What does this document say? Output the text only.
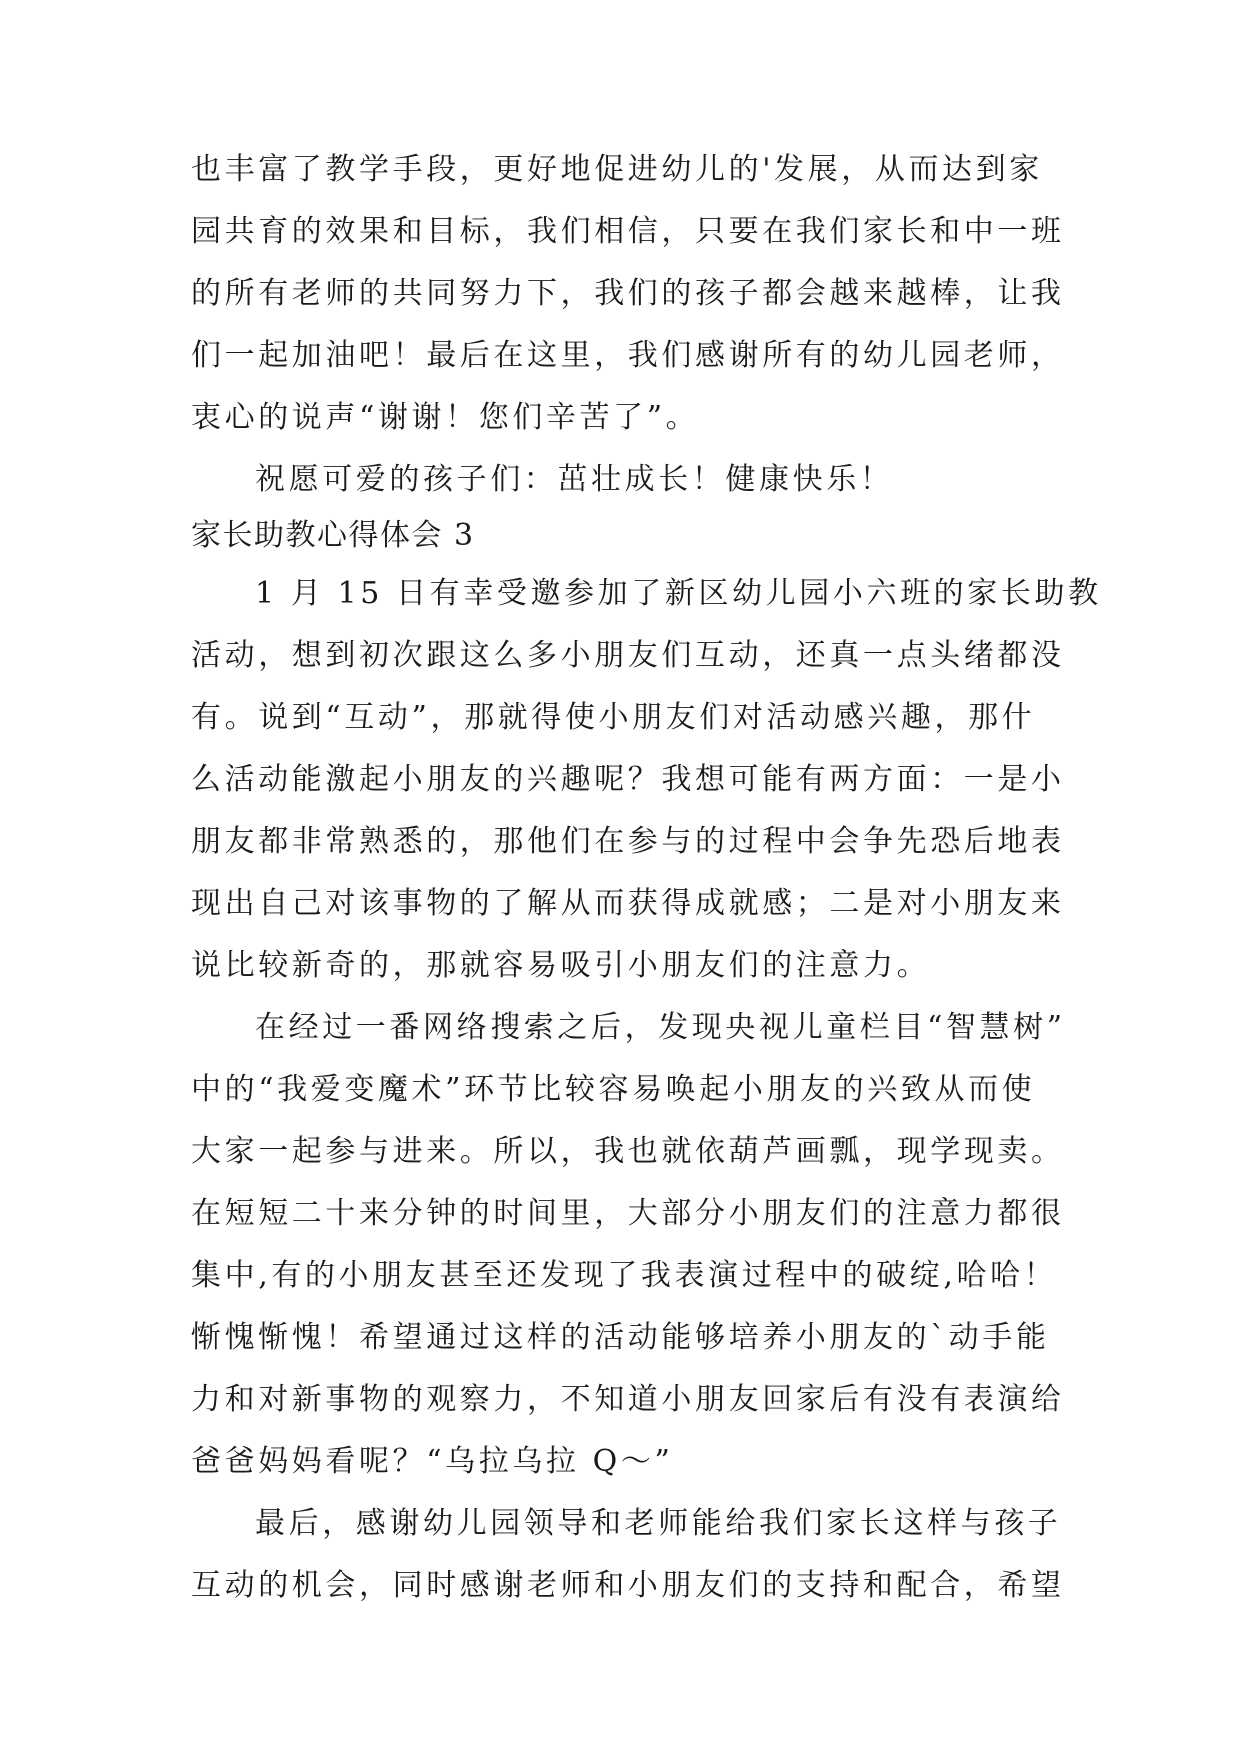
也丰富了教学手段，更好地促进幼儿的'发展，从而达到家
园共育的效果和目标，我们相信，只要在我们家长和中一班
的所有老师的共同努力下，我们的孩子都会越来越棒，让我
们一起加油吧！最后在这里，我们感谢所有的幼儿园老师，
衷心的说声“谢谢！您们辛苦了”。
祝愿可爱的孩子们：茁壮成长！健康快乐！
家长助教心得体会 3
1 月 15 日有幸受邀参加了新区幼儿园小六班的家长助教
活动，想到初次跟这么多小朋友们互动，还真一点头绪都没
有。说到“互动”，那就得使小朋友们对活动感兴趣，那什
么活动能激起小朋友的兴趣呢？我想可能有两方面：一是小
朋友都非常熟悉的，那他们在参与的过程中会争先恐后地表
现出自己对该事物的了解从而获得成就感；二是对小朋友来
说比较新奇的，那就容易吸引小朋友们的注意力。
在经过一番网络搜索之后，发现央视儿童栏目“智慧树”
中的“我爱变魔术”环节比较容易唤起小朋友的兴致从而使
大家一起参与进来。所以，我也就依葫芦画瓢，现学现卖。
在短短二十来分钟的时间里，大部分小朋友们的注意力都很
集中,有的小朋友甚至还发现了我表演过程中的破绽,哈哈！
惭愧惭愧！希望通过这样的活动能够培养小朋友的`动手能
力和对新事物的观察力，不知道小朋友回家后有没有表演给
爸爸妈妈看呢？“乌拉乌拉 Q～”
最后，感谢幼儿园领导和老师能给我们家长这样与孩子
互动的机会，同时感谢老师和小朋友们的支持和配合，希望
